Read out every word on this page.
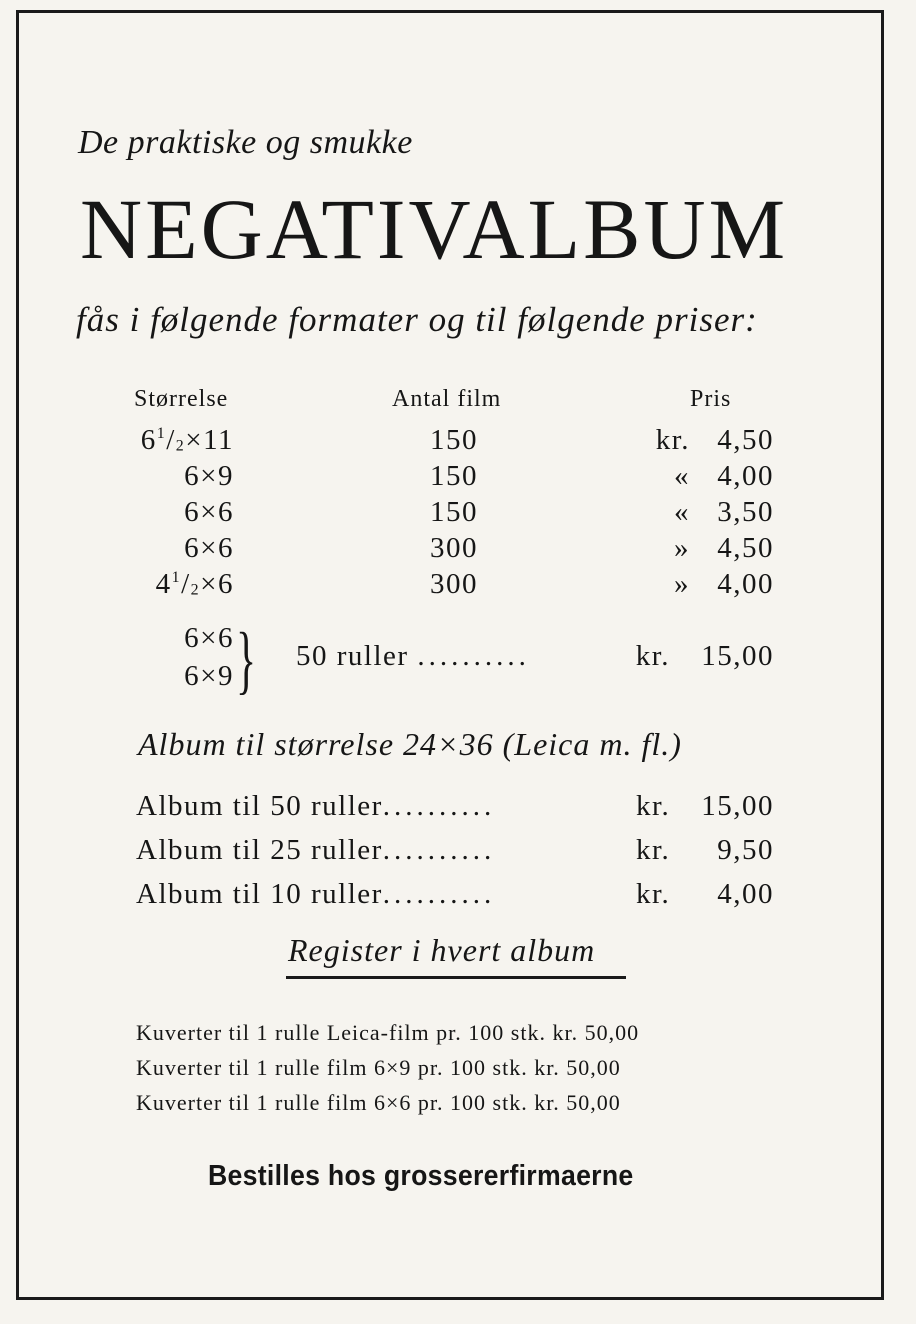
De praktiske og smukke
NEGATIVALBUM
fås i følgende formater og til følgende priser:
Størrelse	Antal film	Pris
$6^1/_2\times 11$	150	kr. 4,50
6×9	150	« 4,00
6×6	150	« 3,50
6×6	300	» 4,50
$4^1/_2\times 6$	300	» 4,00
6×6
6×9 } 50 ruller ..........	kr. 15,00
Album til størrelse 24×36 (Leica m. fl.)
Album til 50 ruller..........	kr. 15,00
Album til 25 ruller..........	kr. 9,50
Album til 10 ruller..........	kr. 4,00
Register i hvert album
Kuverter til 1 rulle Leica-film pr. 100 stk. kr. 50,00
Kuverter til 1 rulle film 6×9 pr. 100 stk. kr. 50,00
Kuverter til 1 rulle film 6×6 pr. 100 stk. kr. 50,00
Bestilles hos grossererfirmaerne
